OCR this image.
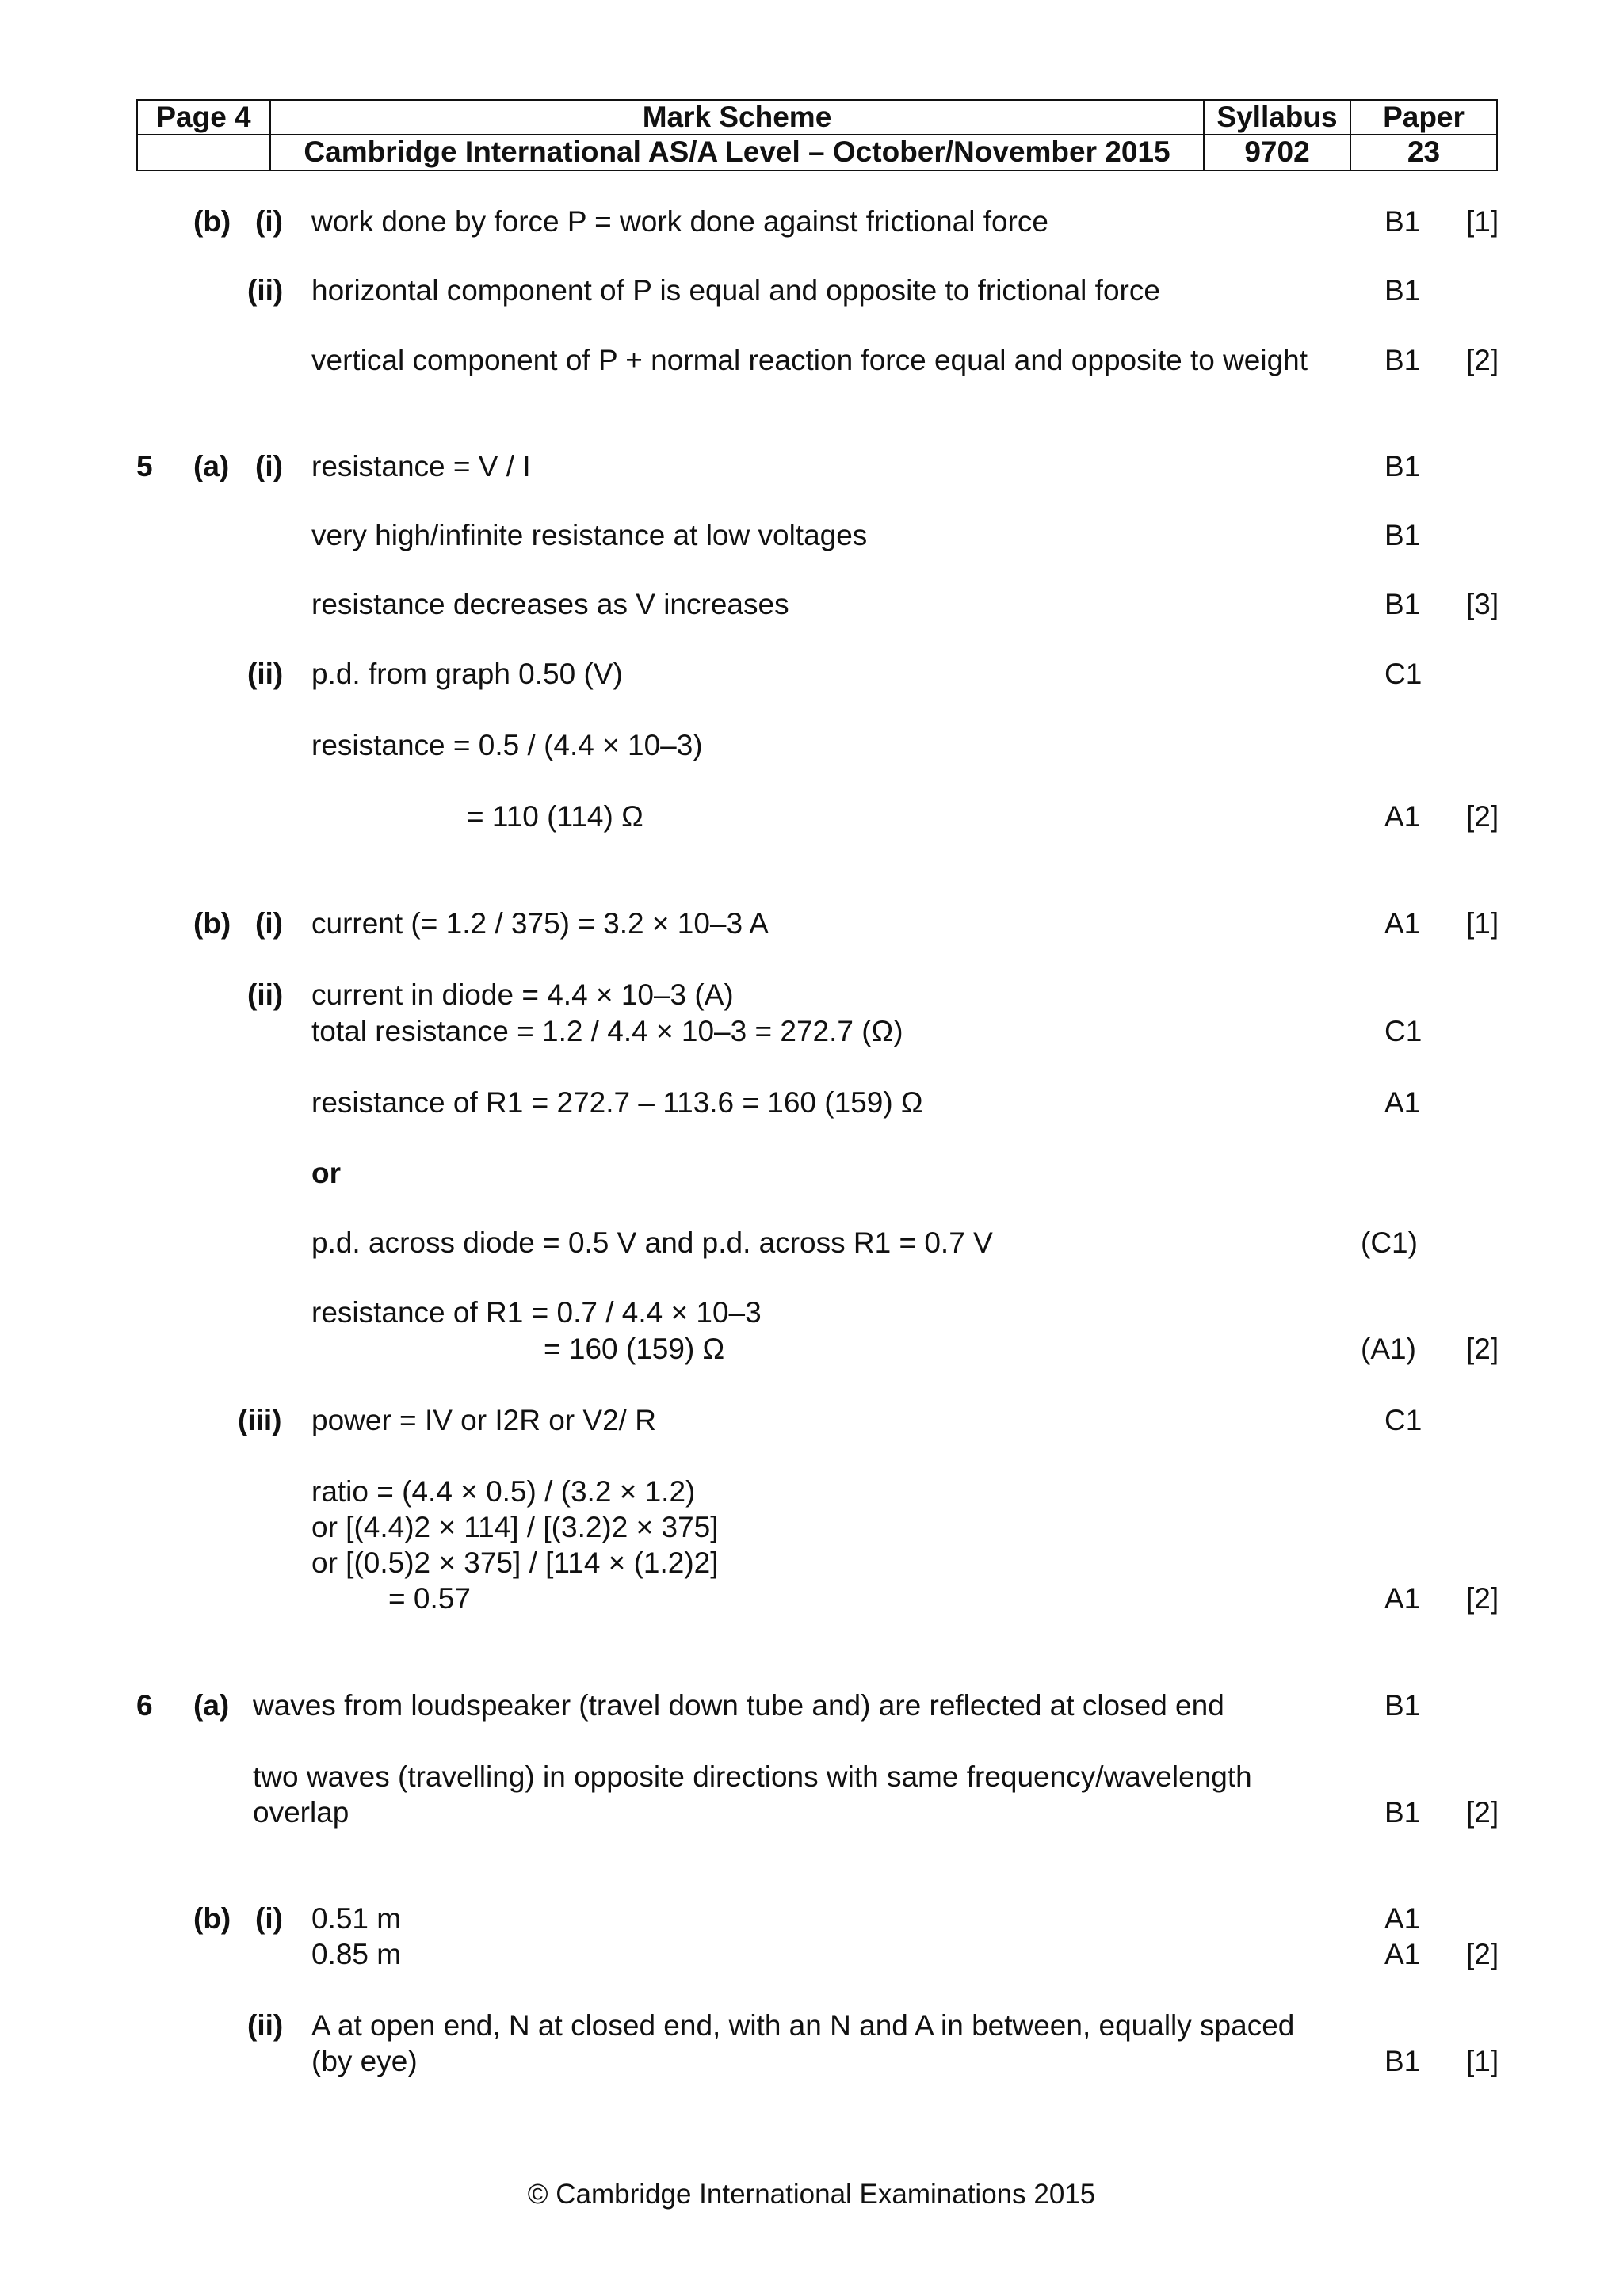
Page 4	Mark Scheme	Syllabus	Paper
Cambridge International AS/A Level – October/November 2015	9702	23
(b) (i) work done by force P = work done against frictional force	B1 [1]
(ii) horizontal component of P is equal and opposite to frictional force	B1
vertical component of P + normal reaction force equal and opposite to weight	B1 [2]
5 (a) (i) resistance = V / I	B1
very high/infinite resistance at low voltages	B1
resistance decreases as V increases	B1 [3]
(ii) p.d. from graph 0.50 (V)	C1
resistance = 0.5 / (4.4 × 10–3)
= 110 (114) Ω	A1 [2]
(b) (i) current (= 1.2 / 375) = 3.2 × 10–3 A	A1 [1]
(ii) current in diode = 4.4 × 10–3 (A)
total resistance = 1.2 / 4.4 × 10–3 = 272.7 (Ω)	C1
resistance of R1 = 272.7 – 113.6 = 160 (159) Ω	A1
or
p.d. across diode = 0.5 V and p.d. across R1 = 0.7 V	(C1)
resistance of R1 = 0.7 / 4.4 × 10–3
= 160 (159) Ω	(A1) [2]
(iii) power = IV or I2R or V2/ R	C1
ratio = (4.4 × 0.5) / (3.2 × 1.2)
or [(4.4)2 × 114] / [(3.2)2 × 375]
or [(0.5)2 × 375] / [114 × (1.2)2]
= 0.57	A1 [2]
6 (a) waves from loudspeaker (travel down tube and) are reflected at closed end	B1
two waves (travelling) in opposite directions with same frequency/wavelength
overlap	B1 [2]
(b) (i) 0.51 m	A1
0.85 m	A1 [2]
(ii) A at open end, N at closed end, with an N and A in between, equally spaced
(by eye)	B1 [1]
© Cambridge International Examinations 2015
